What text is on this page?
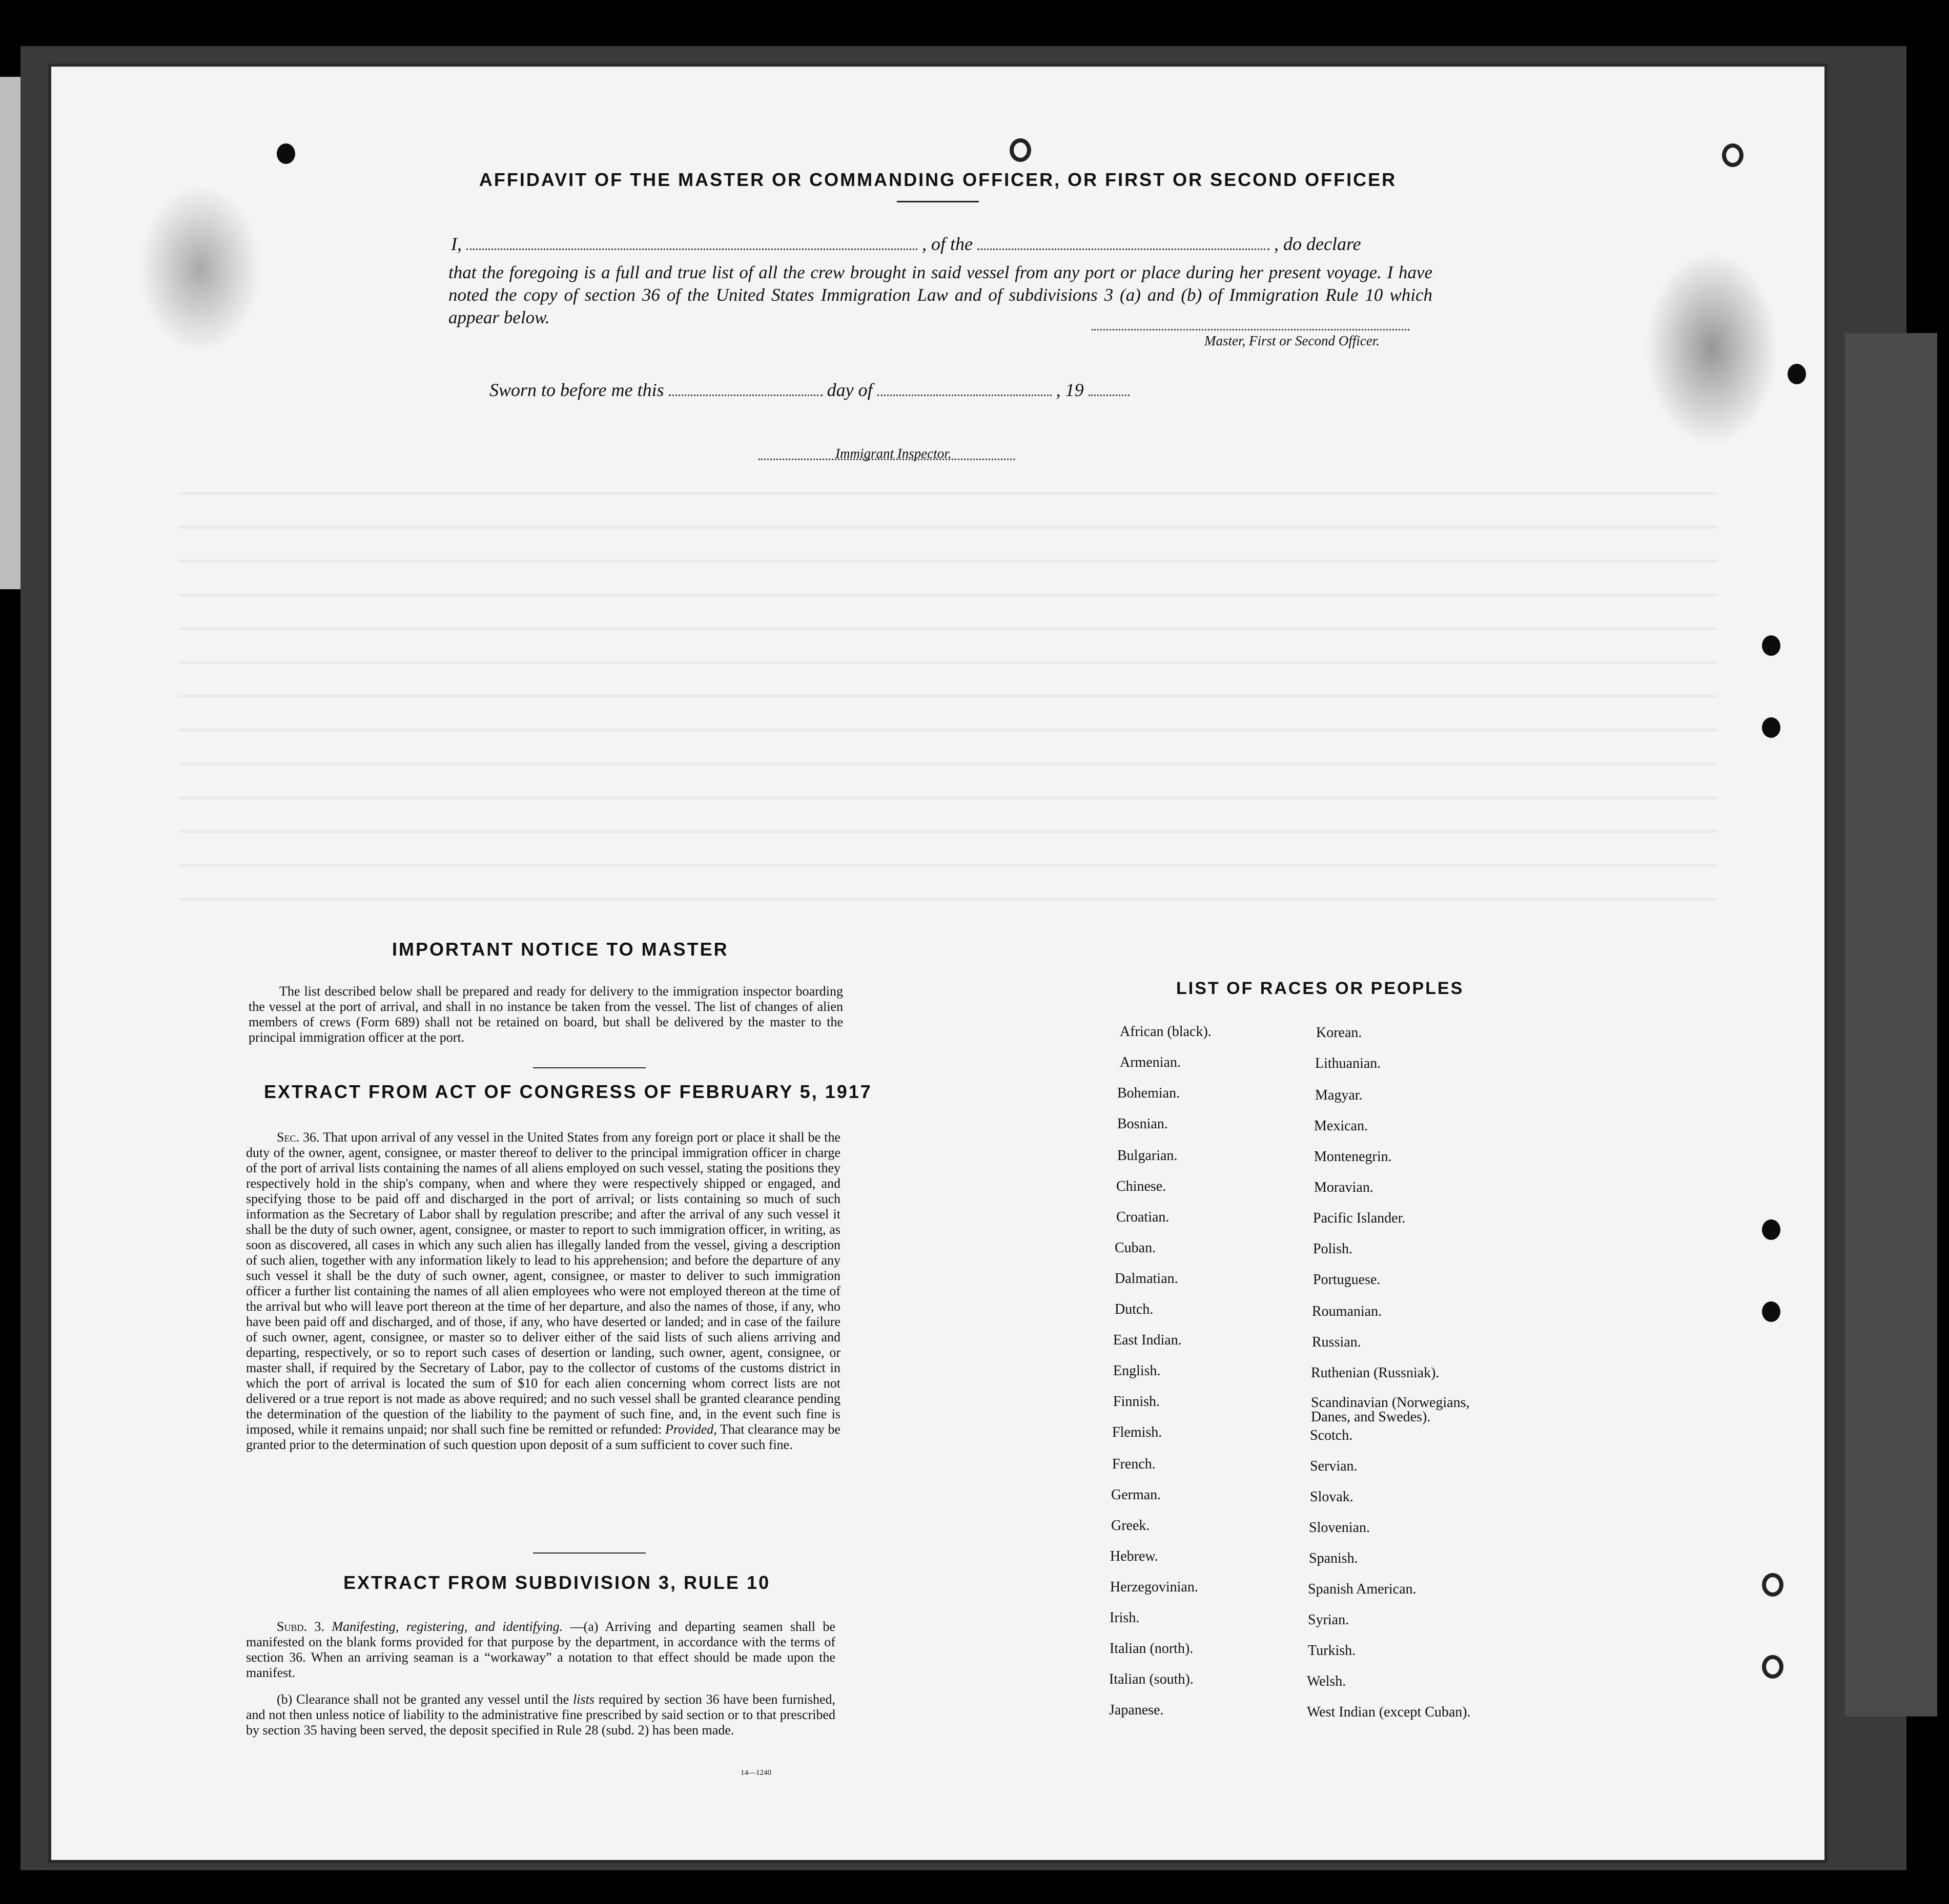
AFFIDAVIT OF THE MASTER OR COMMANDING OFFICER, OR FIRST OR SECOND OFFICER
I,	, of the	, do declare
that the foregoing is a full and true list of all the crew brought in said vessel from any port or place during her present voyage. I have noted the copy of section 36 of the United States Immigration Law and of subdivisions 3 (a) and (b) of Immigration Rule 10 which appear below.
Master, First or Second Officer.
Sworn to before me this	day of	, 19
Immigrant Inspector.
IMPORTANT NOTICE TO MASTER
The list described below shall be prepared and ready for delivery to the immigration inspector boarding the vessel at the port of arrival, and shall in no instance be taken from the vessel. The list of changes of alien members of crews (Form 689) shall not be retained on board, but shall be delivered by the master to the principal immigration officer at the port.
EXTRACT FROM ACT OF CONGRESS OF FEBRUARY 5, 1917
Sec. 36. That upon arrival of any vessel in the United States from any foreign port or place it shall be the duty of the owner, agent, consignee, or master thereof to deliver to the principal immigration officer in charge of the port of arrival lists containing the names of all aliens employed on such vessel, stating the positions they respectively hold in the ship's company, when and where they were respectively shipped or engaged, and specifying those to be paid off and discharged in the port of arrival; or lists containing so much of such information as the Secretary of Labor shall by regulation prescribe; and after the arrival of any such vessel it shall be the duty of such owner, agent, consignee, or master to report to such immigration officer, in writing, as soon as discovered, all cases in which any such alien has illegally landed from the vessel, giving a description of such alien, together with any information likely to lead to his apprehension; and before the departure of any such vessel it shall be the duty of such owner, agent, consignee, or master to deliver to such immigration officer a further list containing the names of all alien employees who were not employed thereon at the time of the arrival but who will leave port thereon at the time of her departure, and also the names of those, if any, who have been paid off and discharged, and of those, if any, who have deserted or landed; and in case of the failure of such owner, agent, consignee, or master so to deliver either of the said lists of such aliens arriving and departing, respectively, or so to report such cases of desertion or landing, such owner, agent, consignee, or master shall, if required by the Secretary of Labor, pay to the collector of customs of the customs district in which the port of arrival is located the sum of $10 for each alien concerning whom correct lists are not delivered or a true report is not made as above required; and no such vessel shall be granted clearance pending the determination of the question of the liability to the payment of such fine, and, in the event such fine is imposed, while it remains unpaid; nor shall such fine be remitted or refunded: Provided, That clearance may be granted prior to the determination of such question upon deposit of a sum sufficient to cover such fine.
EXTRACT FROM SUBDIVISION 3, RULE 10
Subd. 3. Manifesting, registering, and identifying. —(a) Arriving and departing seamen shall be manifested on the blank forms provided for that purpose by the department, in accordance with the terms of section 36. When an arriving seaman is a “workaway” a notation to that effect should be made upon the manifest.
(b) Clearance shall not be granted any vessel until the lists required by section 36 have been furnished, and not then unless notice of liability to the administrative fine prescribed by said section or to that prescribed by section 35 having been served, the deposit specified in Rule 28 (subd. 2) has been made.
14—1240
LIST OF RACES OR PEOPLES
African (black).
Armenian.
Bohemian.
Bosnian.
Bulgarian.
Chinese.
Croatian.
Cuban.
Dalmatian.
Dutch.
East Indian.
English.
Finnish.
Flemish.
French.
German.
Greek.
Hebrew.
Herzegovinian.
Irish.
Italian (north).
Italian (south).
Japanese.
Korean.
Lithuanian.
Magyar.
Mexican.
Montenegrin.
Moravian.
Pacific Islander.
Polish.
Portuguese.
Roumanian.
Russian.
Ruthenian (Russniak).
Scandinavian (Norwegians, Danes, and Swedes).
Scotch.
Servian.
Slovak.
Slovenian.
Spanish.
Spanish American.
Syrian.
Turkish.
Welsh.
West Indian (except Cuban).
